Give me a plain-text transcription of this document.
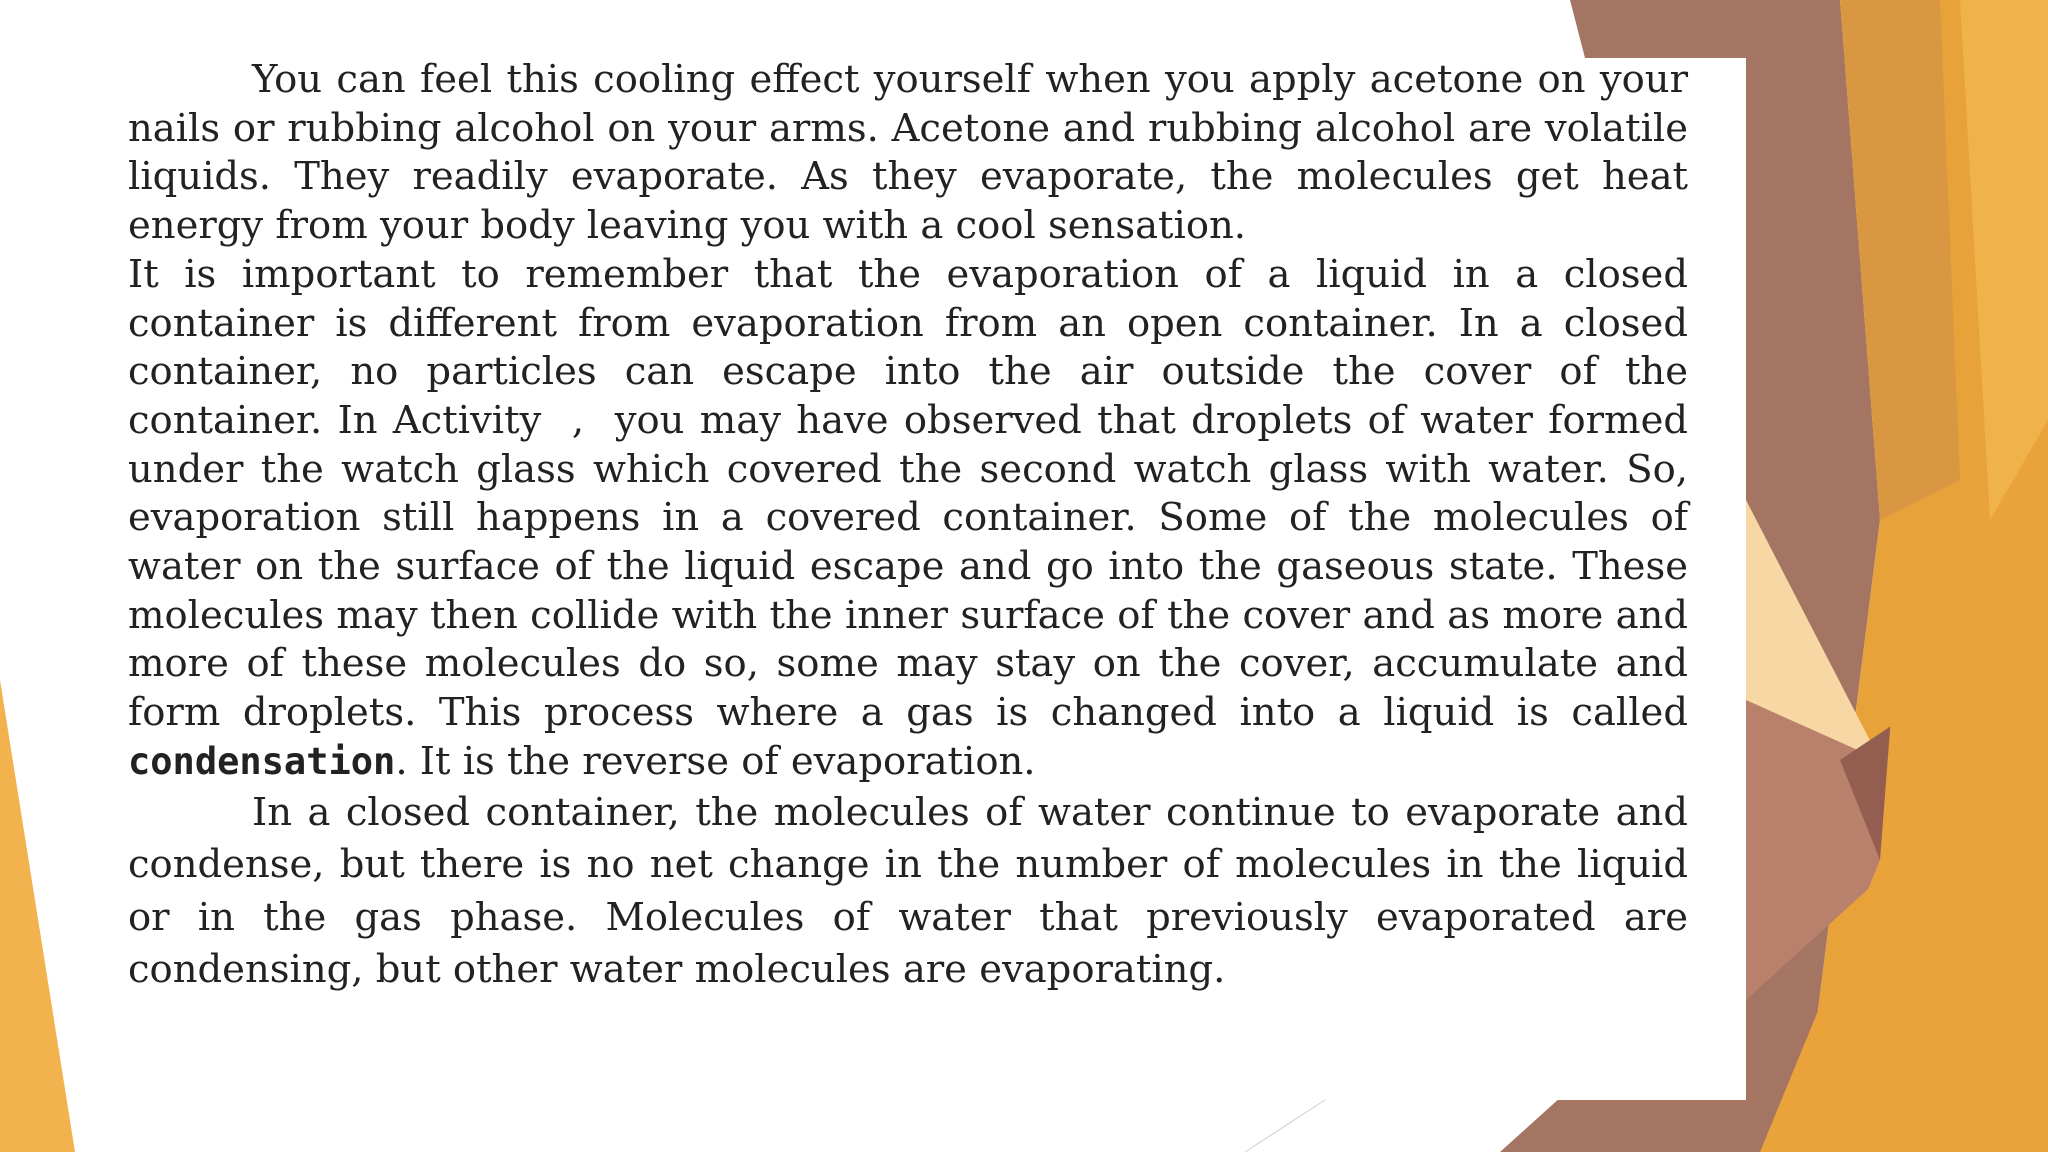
You can feel this cooling effect yourself when you apply acetone on your nails or rubbing alcohol on your arms. Acetone and rubbing alcohol are volatile liquids. They readily evaporate. As they evaporate, the molecules get heat energy from your body leaving you with a cool sensation.

It is important to remember that the evaporation of a liquid in a closed container is different from evaporation from an open container. In a closed container, no particles can escape into the air outside the cover of the container. In Activity  ,  you may have observed that droplets of water formed under the watch glass which covered the second watch glass with water. So, evaporation still happens in a covered container. Some of the molecules of water on the surface of the liquid escape and go into the gaseous state. These molecules may then collide with the inner surface of the cover and as more and more of these molecules do so, some may stay on the cover, accumulate and form droplets. This process where a gas is changed into a liquid is called condensation. It is the reverse of evaporation.

In a closed container, the molecules of water continue to evaporate and condense, but there is no net change in the number of molecules in the liquid or in the gas phase. Molecules of water that previously evaporated are condensing, but other water molecules are evaporating.
